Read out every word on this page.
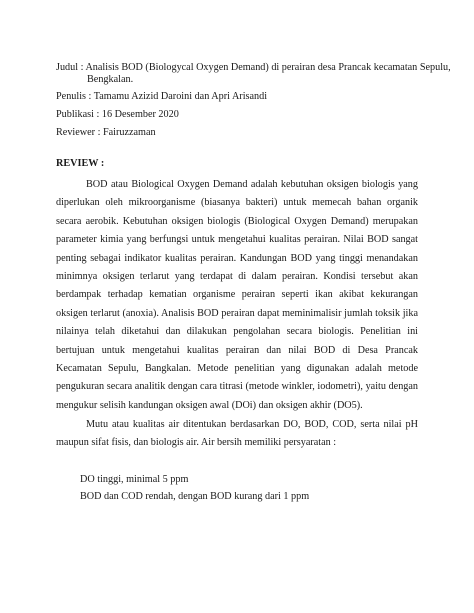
Judul : Analisis BOD (Biologycal Oxygen Demand) di perairan desa Prancak kecamatan Sepulu,
Bengkalan.
Penulis : Tamamu Azizid Daroini dan Apri Arisandi
Publikasi : 16 Desember 2020
Reviewer : Fairuzzaman
REVIEW :

BOD atau Biological Oxygen Demand adalah kebutuhan oksigen biologis yang diperlukan oleh mikroorganisme (biasanya bakteri) untuk memecah bahan organik secara aerobik. Kebutuhan oksigen biologis (Biological Oxygen Demand) merupakan parameter kimia yang berfungsi untuk mengetahui kualitas perairan. Nilai BOD sangat penting sebagai indikator kualitas perairan. Kandungan BOD yang tinggi menandakan minimnya oksigen terlarut yang terdapat di dalam perairan. Kondisi tersebut akan berdampak terhadap kematian organisme perairan seperti ikan akibat kekurangan oksigen terlarut (anoxia). Analisis BOD perairan dapat meminimalisir jumlah toksik jika nilainya telah diketahui dan dilakukan pengolahan secara biologis. Penelitian ini bertujuan untuk mengetahui kualitas perairan dan nilai BOD di Desa Prancak Kecamatan Sepulu, Bangkalan. Metode penelitian yang digunakan adalah metode pengukuran secara analitik dengan cara titrasi (metode winkler, iodometri), yaitu dengan mengukur selisih kandungan oksigen awal (DOi) dan oksigen akhir (DO5).

Mutu atau kualitas air ditentukan berdasarkan DO, BOD, COD, serta nilai pH maupun sifat fisis, dan biologis air. Air bersih memiliki persyaratan :

DO tinggi, minimal 5 ppm
BOD dan COD rendah, dengan BOD kurang dari 1 ppm
